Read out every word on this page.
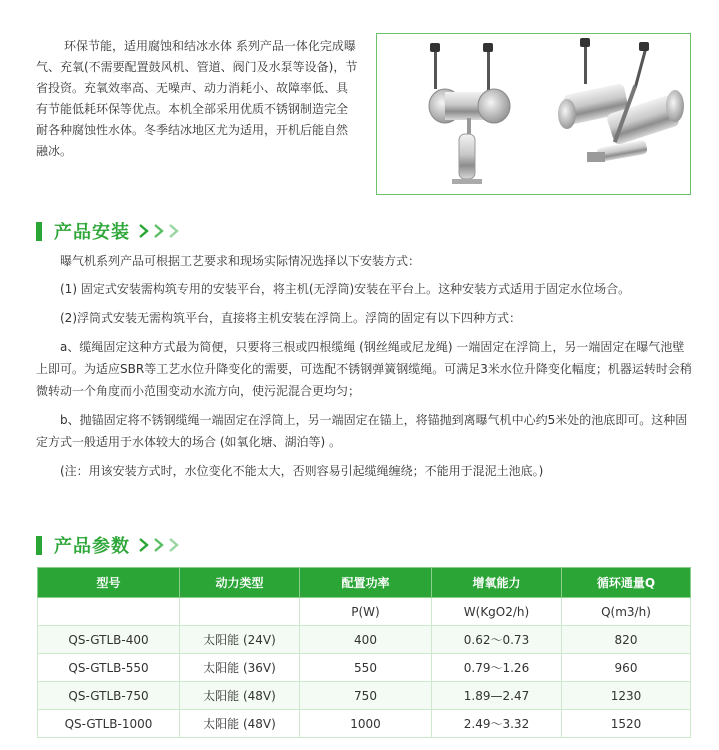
环保节能，适用腐蚀和结冰水体 系列产品一体化完成曝气、充氧(不需要配置鼓风机、管道、阀门及水泵等设备)，节省投资。充氧效率高、无噪声、动力消耗小、故障率低、具有节能低耗环保等优点。本机全部采用优质不锈钢制造完全耐各种腐蚀性水体。冬季结冰地区尤为适用，开机后能自然融冰。

产品安装

曝气机系列产品可根据工艺要求和现场实际情况选择以下安装方式：

(1) 固定式安装需构筑专用的安装平台，将主机(无浮筒)安装在平台上。这种安装方式适用于固定水位场合。

(2)浮筒式安装无需构筑平台，直接将主机安装在浮筒上。浮筒的固定有以下四种方式：

a、缆绳固定这种方式最为简便，只要将三根或四根缆绳 (钢丝绳或尼龙绳) 一端固定在浮筒上，另一端固定在曝气池壁上即可。为适应SBR等工艺水位升降变化的需要，可选配不锈钢弹簧钢缆绳。可满足3米水位升降变化幅度；机器运转时会稍微转动一个角度而小范围变动水流方向，使污泥混合更均匀；

b、抛锚固定将不锈钢缆绳一端固定在浮筒上，另一端固定在锚上，将锚抛到离曝气机中心约5米处的池底即可。这种固定方式一般适用于水体较大的场合 (如氧化塘、湖泊等) 。

(注：用该安装方式时，水位变化不能太大，否则容易引起缆绳缠绕；不能用于混泥土池底。)

产品参数
型号	动力类型	配置功率	增氧能力	循环通量Q
		P(W)	W(KgO2/h)	Q(m3/h)
QS-GTLB-400	太阳能 (24V)	400	0.62～0.73	820
QS-GTLB-550	太阳能 (36V)	550	0.79～1.26	960
QS-GTLB-750	太阳能 (48V)	750	1.89—2.47	1230
QS-GTLB-1000	太阳能 (48V)	1000	2.49～3.32	1520
